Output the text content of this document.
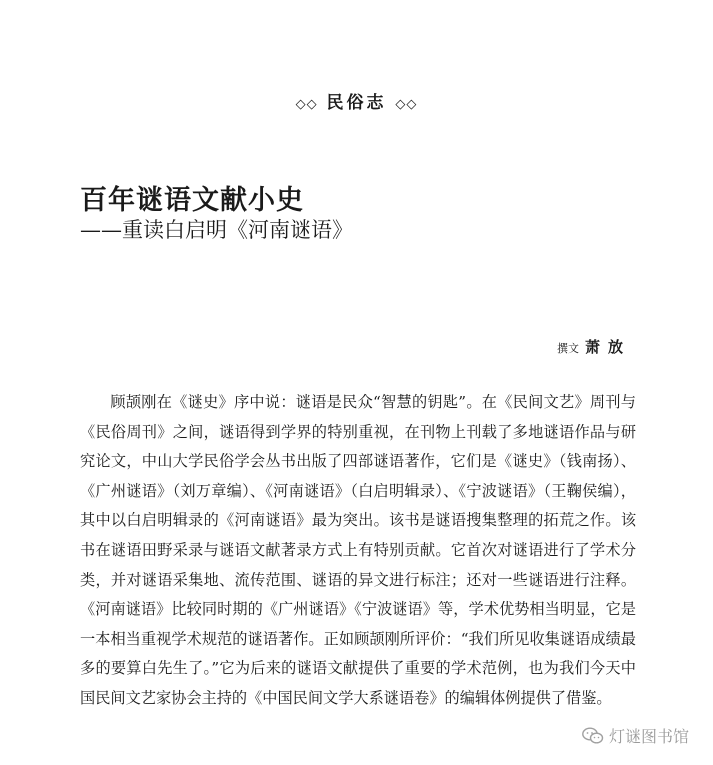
◇◇ 民俗志 ◇◇
百年谜语文献小史
——重读白启明《河南谜语》
撰文 萧放

顾颉刚在《谜史》序中说：谜语是民众“智慧的钥匙”。在《民间文艺》周刊与《民俗周刊》之间，谜语得到学界的特别重视，在刊物上刊载了多地谜语作品与研究论文，中山大学民俗学会丛书出版了四部谜语著作，它们是《谜史》（钱南扬）、《广州谜语》（刘万章编）、《河南谜语》（白启明辑录）、《宁波谜语》（王鞠侯编），其中以白启明辑录的《河南谜语》最为突出。该书是谜语搜集整理的拓荒之作。该书在谜语田野采录与谜语文献著录方式上有特别贡献。它首次对谜语进行了学术分类，并对谜语采集地、流传范围、谜语的异文进行标注；还对一些谜语进行注释。《河南谜语》比较同时期的《广州谜语》《宁波谜语》等，学术优势相当明显，它是一本相当重视学术规范的谜语著作。正如顾颉刚所评价：“我们所见收集谜语成绩最多的要算白先生了。”它为后来的谜语文献提供了重要的学术范例，也为我们今天中国民间文艺家协会主持的《中国民间文学大系谜语卷》的编辑体例提供了借鉴。

灯谜图书馆
